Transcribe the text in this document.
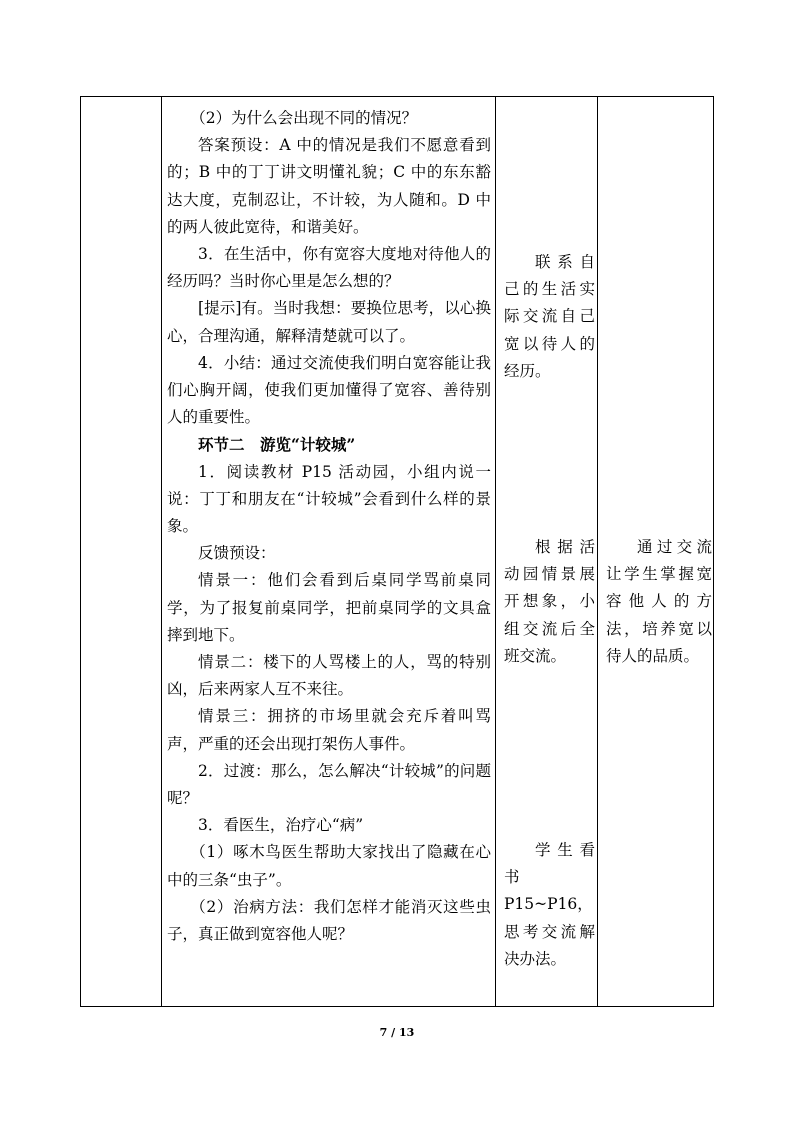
（2）为什么会出现不同的情况？

答案预设：A 中的情况是我们不愿意看到的；B 中的丁丁讲文明懂礼貌；C 中的东东豁达大度，克制忍让，不计较，为人随和。D 中的两人彼此宽待，和谐美好。

3．在生活中，你有宽容大度地对待他人的经历吗？当时你心里是怎么想的？

[提示]有。当时我想：要换位思考，以心换心，合理沟通，解释清楚就可以了。

4．小结：通过交流使我们明白宽容能让我们心胸开阔，使我们更加懂得了宽容、善待别人的重要性。

环节二　游览“计较城”

1．阅读教材 P15 活动园，小组内说一说：丁丁和朋友在“计较城”会看到什么样的景象。

反馈预设：

情景一：他们会看到后桌同学骂前桌同学，为了报复前桌同学，把前桌同学的文具盒摔到地下。

情景二：楼下的人骂楼上的人，骂的特别凶，后来两家人互不来往。

情景三：拥挤的市场里就会充斥着叫骂声，严重的还会出现打架伤人事件。

2．过渡：那么，怎么解决“计较城”的问题呢？

3．看医生，治疗心“病”

（1）啄木鸟医生帮助大家找出了隐藏在心中的三条“虫子”。

（2）治病方法：我们怎样才能消灭这些虫子，真正做到宽容他人呢？

联系自己的生活实际交流自己宽以待人的经历。

根据活动园情景展开想象，小组交流后全班交流。

学生看书

P15~P16，

思考交流解决办法。

通过交流让学生掌握宽容他人的方法，培养宽以待人的品质。

7 / 13
